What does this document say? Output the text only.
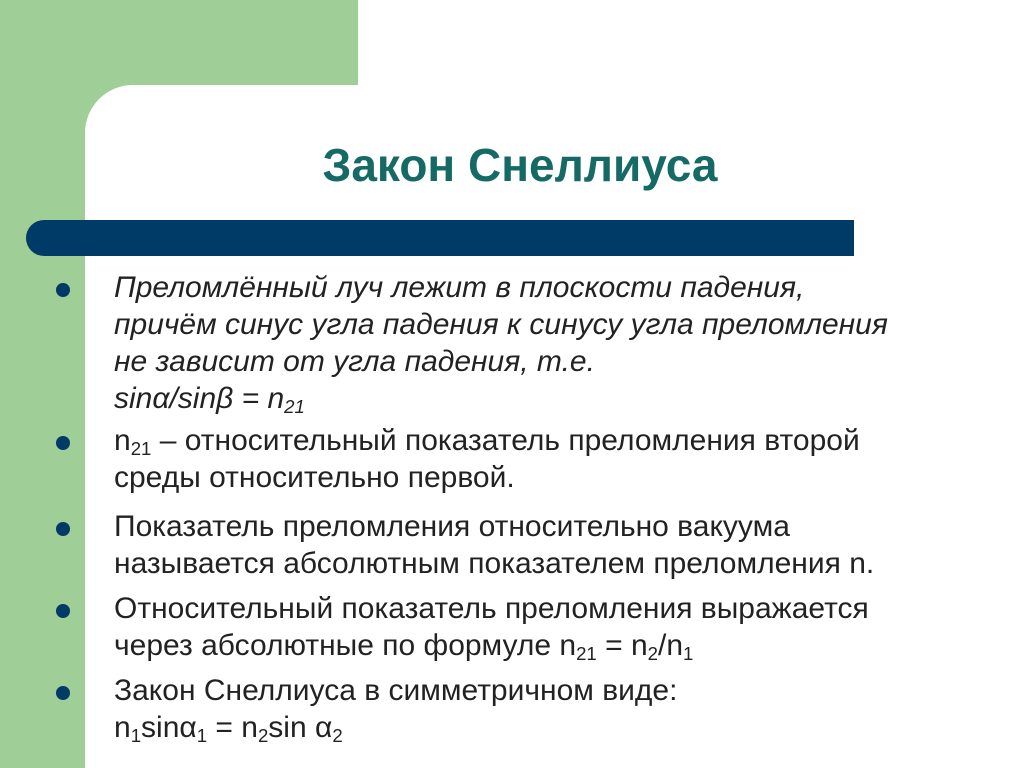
Закон Снеллиуса
Преломлённый луч лежит в плоскости падения,
причём синус угла падения к синусу угла преломления
не зависит от угла падения, т.е.
$\sin\alpha/\sin\beta = n_{21}$
$n_{21}$ – относительный показатель преломления второй
среды относительно первой.
Показатель преломления относительно вакуума
называется абсолютным показателем преломления n.
Относительный показатель преломления выражается
через абсолютные по формуле $n_{21} = n_2/n_1$
Закон Снеллиуса в симметричном виде:
$n_1\sin\alpha_1 = n_2\sin$ $\alpha_2$
